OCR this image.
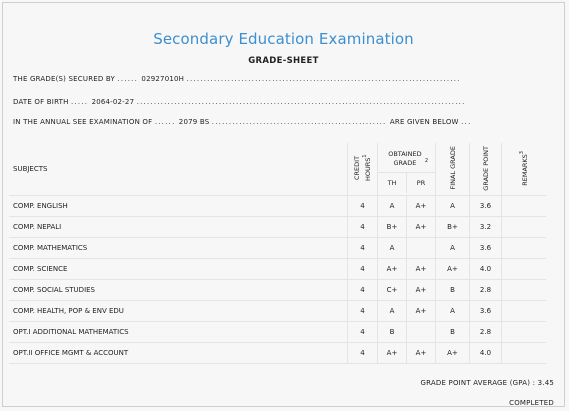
Secondary Education Examination
GRADE-SHEET
THE GRADE(S) SECURED BY ...... 02927010H ................................................................................
DATE OF BIRTH ..... 2064-02-27 ................................................................................................
IN THE ANNUAL SEE EXAMINATION OF ...... 2079 BS ................................................... ARE GIVEN BELOW ...
SUBJECTS	CREDIT HOURS$^1$	OBTAINED GRADE $^2$
TH PR		FINAL GRADE	GRADE POINT	REMARKS$^3$
COMP. ENGLISH	4	A	A+	A	3.6	
COMP. NEPALI	4	B+	A+	B+	3.2	
COMP. MATHEMATICS	4	A		A	3.6	
COMP. SCIENCE	4	A+	A+	A+	4.0	
COMP. SOCIAL STUDIES	4	C+	A+	B	2.8	
COMP. HEALTH, POP & ENV EDU	4	A	A+	A	3.6	
OPT.I ADDITIONAL MATHEMATICS	4	B		B	2.8	
OPT.II OFFICE MGMT & ACCOUNT	4	A+	A+	A+	4.0	
GRADE POINT AVERAGE (GPA) : 3.45
COMPLETED
